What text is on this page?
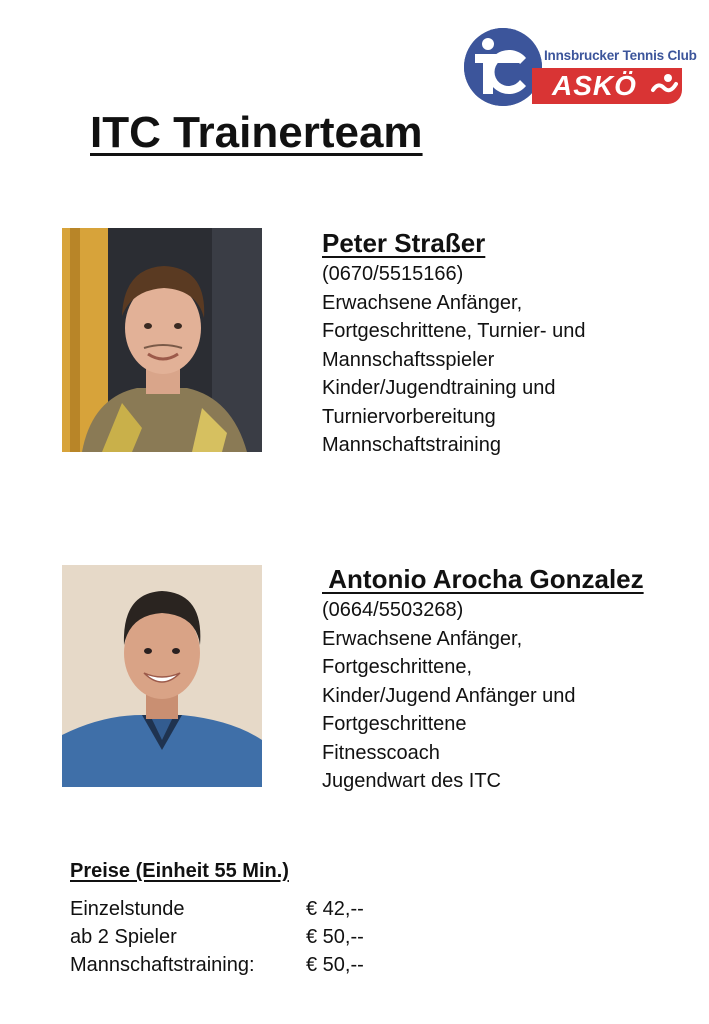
Innsbrucker Tennis Club
ASKÖ
ITC Trainerteam
Peter Straßer
(0670/5515166)
Erwachsene Anfänger,
Fortgeschrittene, Turnier- und
Mannschaftsspieler
Kinder/Jugendtraining und
Turniervorbereitung
Mannschaftstraining
Antonio Arocha Gonzalez
(0664/5503268)
Erwachsene Anfänger,
Fortgeschrittene,
Kinder/Jugend Anfänger und
Fortgeschrittene
Fitnesscoach
Jugendwart des ITC
Preise (Einheit 55 Min.)
Einzelstunde	€ 42,--
ab 2 Spieler	€ 50,--
Mannschaftstraining:	€ 50,--
